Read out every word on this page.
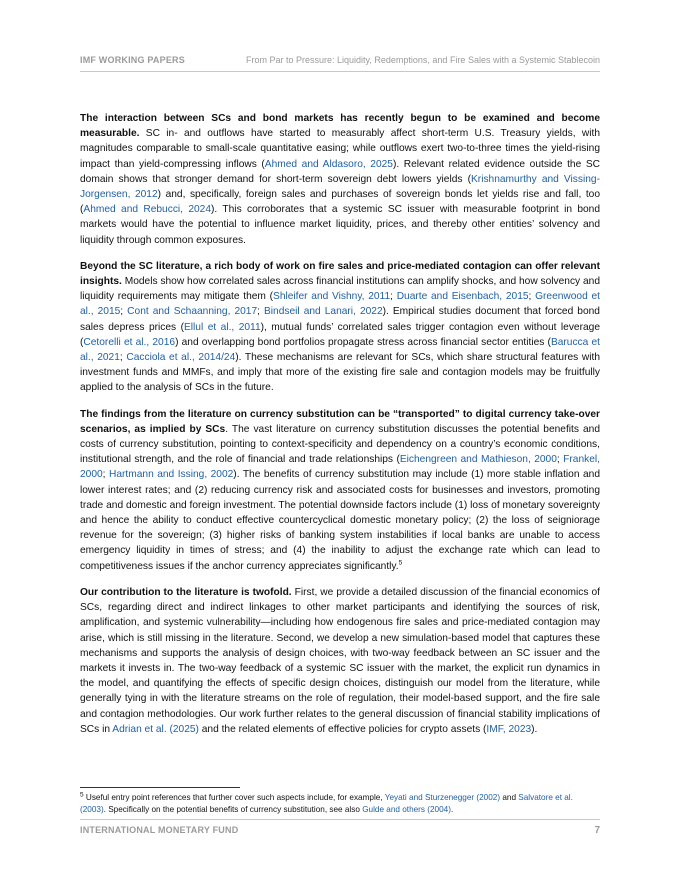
IMF WORKING PAPERS	From Par to Pressure: Liquidity, Redemptions, and Fire Sales with a Systemic Stablecoin

The interaction between SCs and bond markets has recently begun to be examined and become measurable. SC in- and outflows have started to measurably affect short-term U.S. Treasury yields, with magnitudes comparable to small-scale quantitative easing; while outflows exert two-to-three times the yield-rising impact than yield-compressing inflows (Ahmed and Aldasoro, 2025). Relevant related evidence outside the SC domain shows that stronger demand for short-term sovereign debt lowers yields (Krishnamurthy and Vissing-Jorgensen, 2012) and, specifically, foreign sales and purchases of sovereign bonds let yields rise and fall, too (Ahmed and Rebucci, 2024). This corroborates that a systemic SC issuer with measurable footprint in bond markets would have the potential to influence market liquidity, prices, and thereby other entities’ solvency and liquidity through common exposures.

Beyond the SC literature, a rich body of work on fire sales and price-mediated contagion can offer relevant insights. Models show how correlated sales across financial institutions can amplify shocks, and how solvency and liquidity requirements may mitigate them (Shleifer and Vishny, 2011; Duarte and Eisenbach, 2015; Greenwood et al., 2015; Cont and Schaanning, 2017; Bindseil and Lanari, 2022). Empirical studies document that forced bond sales depress prices (Ellul et al., 2011), mutual funds’ correlated sales trigger contagion even without leverage (Cetorelli et al., 2016) and overlapping bond portfolios propagate stress across financial sector entities (Barucca et al., 2021; Cacciola et al., 2014/24). These mechanisms are relevant for SCs, which share structural features with investment funds and MMFs, and imply that more of the existing fire sale and contagion models may be fruitfully applied to the analysis of SCs in the future.

The findings from the literature on currency substitution can be “transported” to digital currency take-over scenarios, as implied by SCs. The vast literature on currency substitution discusses the potential benefits and costs of currency substitution, pointing to context-specificity and dependency on a country’s economic conditions, institutional strength, and the role of financial and trade relationships (Eichengreen and Mathieson, 2000; Frankel, 2000; Hartmann and Issing, 2002). The benefits of currency substitution may include (1) more stable inflation and lower interest rates; and (2) reducing currency risk and associated costs for businesses and investors, promoting trade and domestic and foreign investment. The potential downside factors include (1) loss of monetary sovereignty and hence the ability to conduct effective countercyclical domestic monetary policy; (2) the loss of seigniorage revenue for the sovereign; (3) higher risks of banking system instabilities if local banks are unable to access emergency liquidity in times of stress; and (4) the inability to adjust the exchange rate which can lead to competitiveness issues if the anchor currency appreciates significantly.$^5$

Our contribution to the literature is twofold. First, we provide a detailed discussion of the financial economics of SCs, regarding direct and indirect linkages to other market participants and identifying the sources of risk, amplification, and systemic vulnerability—including how endogenous fire sales and price-mediated contagion may arise, which is still missing in the literature. Second, we develop a new simulation-based model that captures these mechanisms and supports the analysis of design choices, with two-way feedback between an SC issuer and the markets it invests in. The two-way feedback of a systemic SC issuer with the market, the explicit run dynamics in the model, and quantifying the effects of specific design choices, distinguish our model from the literature, while generally tying in with the literature streams on the role of regulation, their model-based support, and the fire sale and contagion methodologies. Our work further relates to the general discussion of financial stability implications of SCs in Adrian et al. (2025) and the related elements of effective policies for crypto assets (IMF, 2023).

$^5$ Useful entry point references that further cover such aspects include, for example, Yeyati and Sturzenegger (2002) and Salvatore et al. (2003). Specifically on the potential benefits of currency substitution, see also Gulde and others (2004).
INTERNATIONAL MONETARY FUND	7
